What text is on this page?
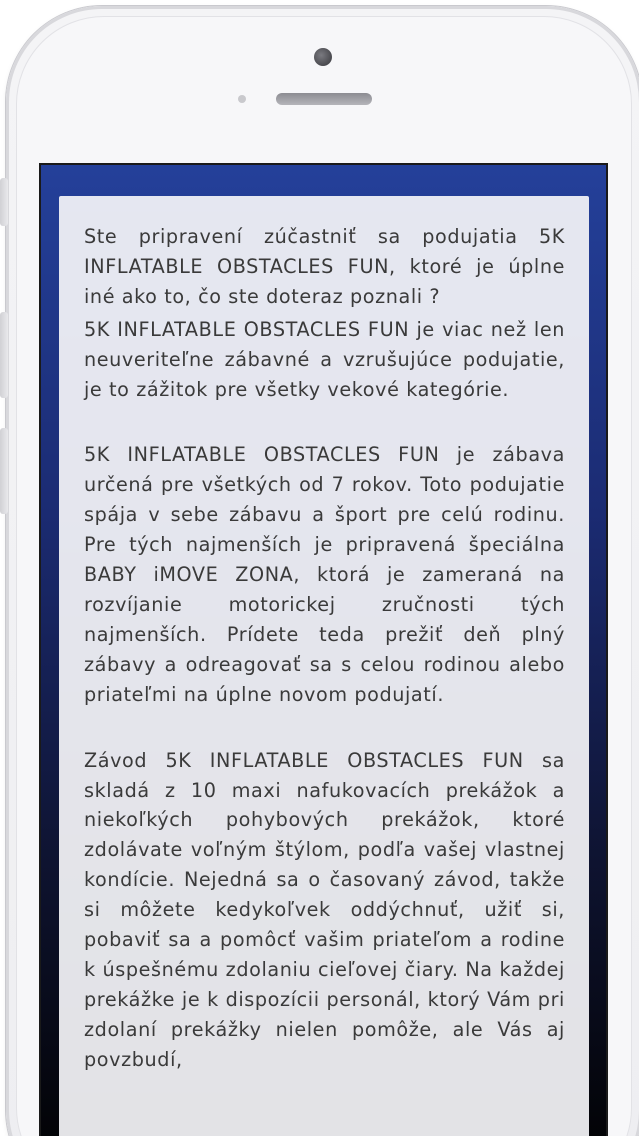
Ste pripravení zúčastniť sa podujatia 5K INFLATABLE OBSTACLES FUN, ktoré je úplne iné ako to, čo ste doteraz poznali ?

5K INFLATABLE OBSTACLES FUN je viac než len neuveriteľne zábavné a vzrušujúce podujatie, je to zážitok pre všetky vekové kategórie.

5K INFLATABLE OBSTACLES FUN je zábava určená pre všetkých od 7 rokov. Toto podujatie spája v sebe zábavu a šport pre celú rodinu. Pre tých najmenších je pripravená špeciálna BABY iMOVE ZONA, ktorá je zameraná na rozvíjanie motorickej zručnosti tých najmenších. Prídete teda prežiť deň plný zábavy a odreagovať sa s celou rodinou alebo priateľmi na úplne novom podujatí.

Závod 5K INFLATABLE OBSTACLES FUN sa skladá z 10 maxi nafukovacích prekážok a niekoľkých pohybových prekážok, ktoré zdolávate voľným štýlom, podľa vašej vlastnej kondície. Nejedná sa o časovaný závod, takže si môžete kedykoľvek oddýchnuť, užiť si, pobaviť sa a pomôcť vašim priateľom a rodine k úspešnému zdolaniu cieľovej čiary. Na každej prekážke je k dispozícii personál, ktorý Vám pri zdolaní prekážky nielen pomôže, ale Vás aj povzbudí,
